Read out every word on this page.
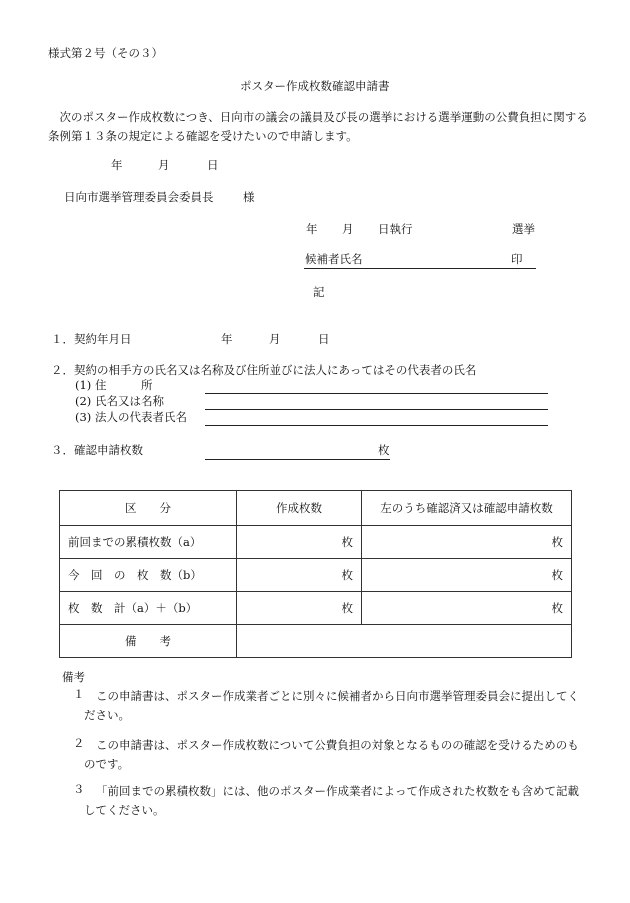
様式第２号（その３）
ポスター作成枚数確認申請書
　次のポスター作成枚数につき、日向市の議会の議員及び長の選挙における選挙運動の公費負担に関する条例第１３条の規定による確認を受けたいので申請します。
年	月	日
日向市選挙管理委員会委員長	様
年 月 日執行	選挙
候補者氏名	印
記
１．契約年月日	年	月	日
２．契約の相手方の氏名又は名称及び住所並びに法人にあってはその代表者の氏名
(1) 住　　　所
(2) 氏名又は名称
(3) 法人の代表者氏名
３．確認申請枚数	枚
区　　分	作成枚数	左のうち確認済又は確認申請枚数
前回までの累積枚数（a）	枚	枚
今　回　の　枚　数（b）	枚	枚
枚　数　計（a）＋（b）	枚	枚
備　　考		
備考
１	この申請書は、ポスター作成業者ごとに別々に候補者から日向市選挙管理委員会に提出してください。
２	この申請書は、ポスター作成枚数について公費負担の対象となるものの確認を受けるためのものです。
３	「前回までの累積枚数」には、他のポスター作成業者によって作成された枚数をも含めて記載してください。
